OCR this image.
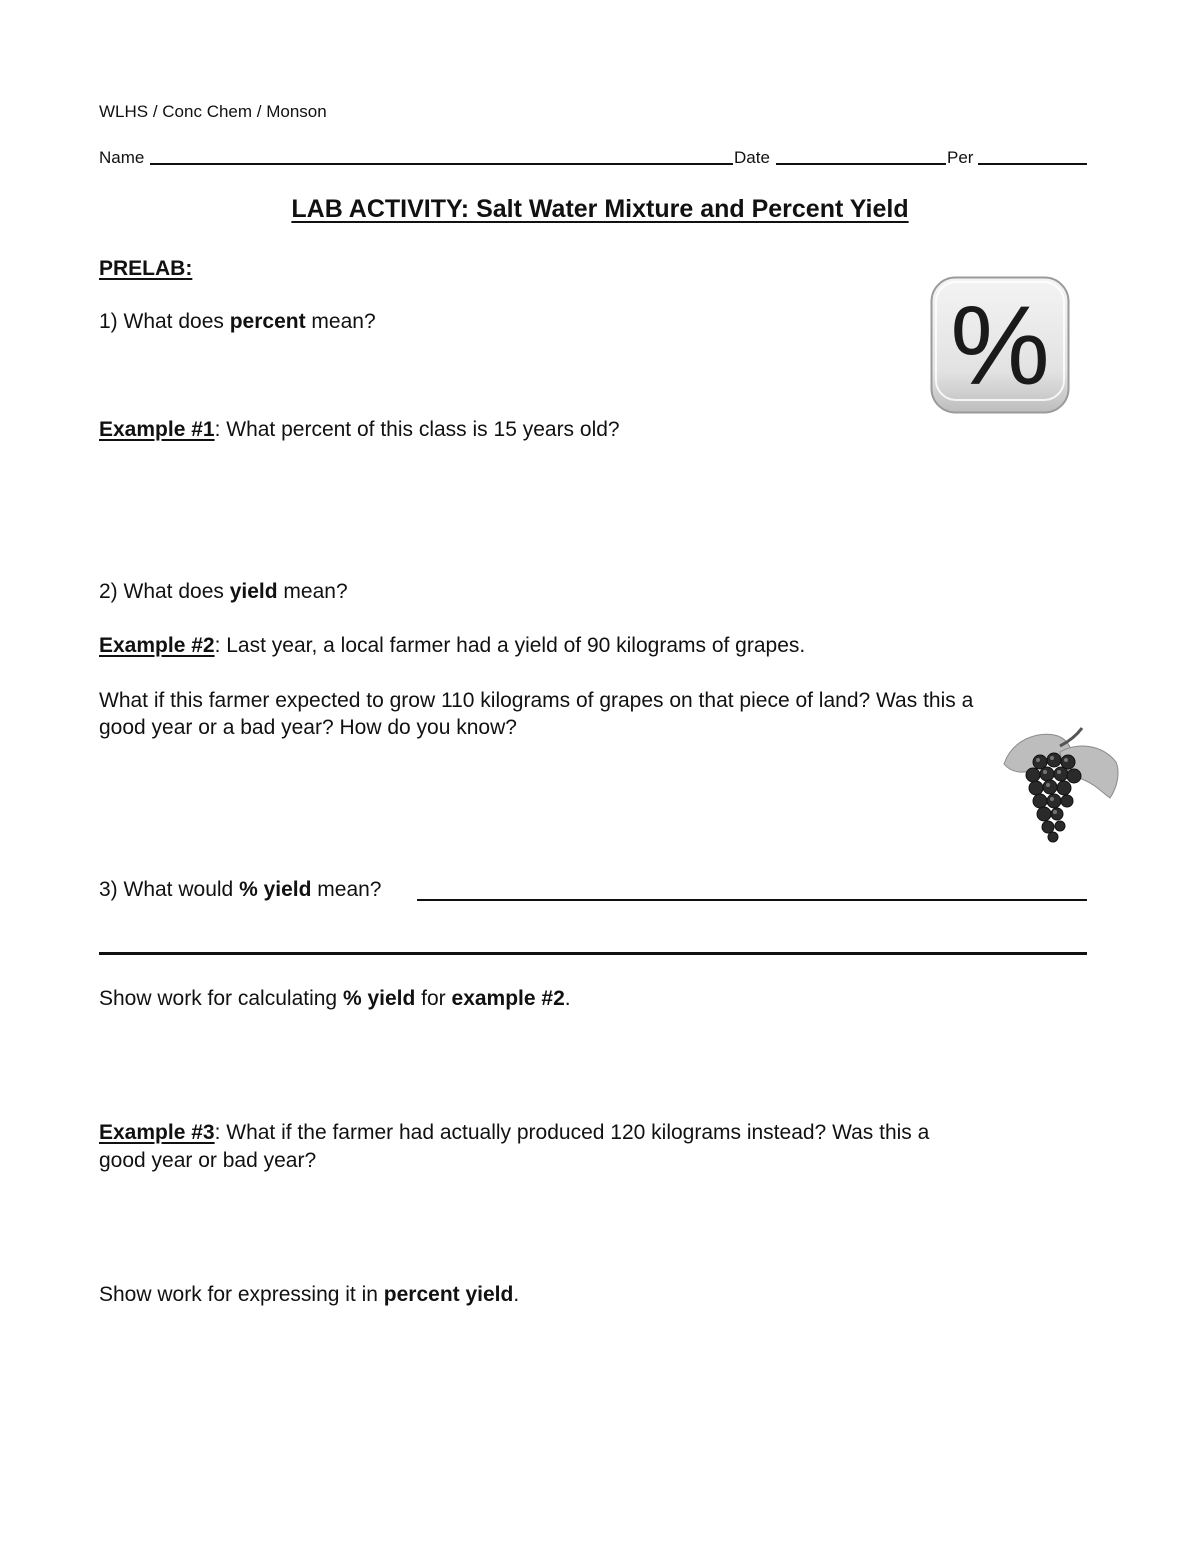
WLHS / Conc Chem / Monson
Name	Date	Per
LAB ACTIVITY: Salt Water Mixture and Percent Yield
PRELAB:
1) What does percent mean?	%
Example #1: What percent of this class is 15 years old?
2) What does yield mean?
Example #2: Last year, a local farmer had a yield of 90 kilograms of grapes.
What if this farmer expected to grow 110 kilograms of grapes on that piece of land? Was this a
good year or a bad year? How do you know?
3) What would % yield mean?
Show work for calculating % yield for example #2.
Example #3: What if the farmer had actually produced 120 kilograms instead? Was this a
good year or bad year?
Show work for expressing it in percent yield.
